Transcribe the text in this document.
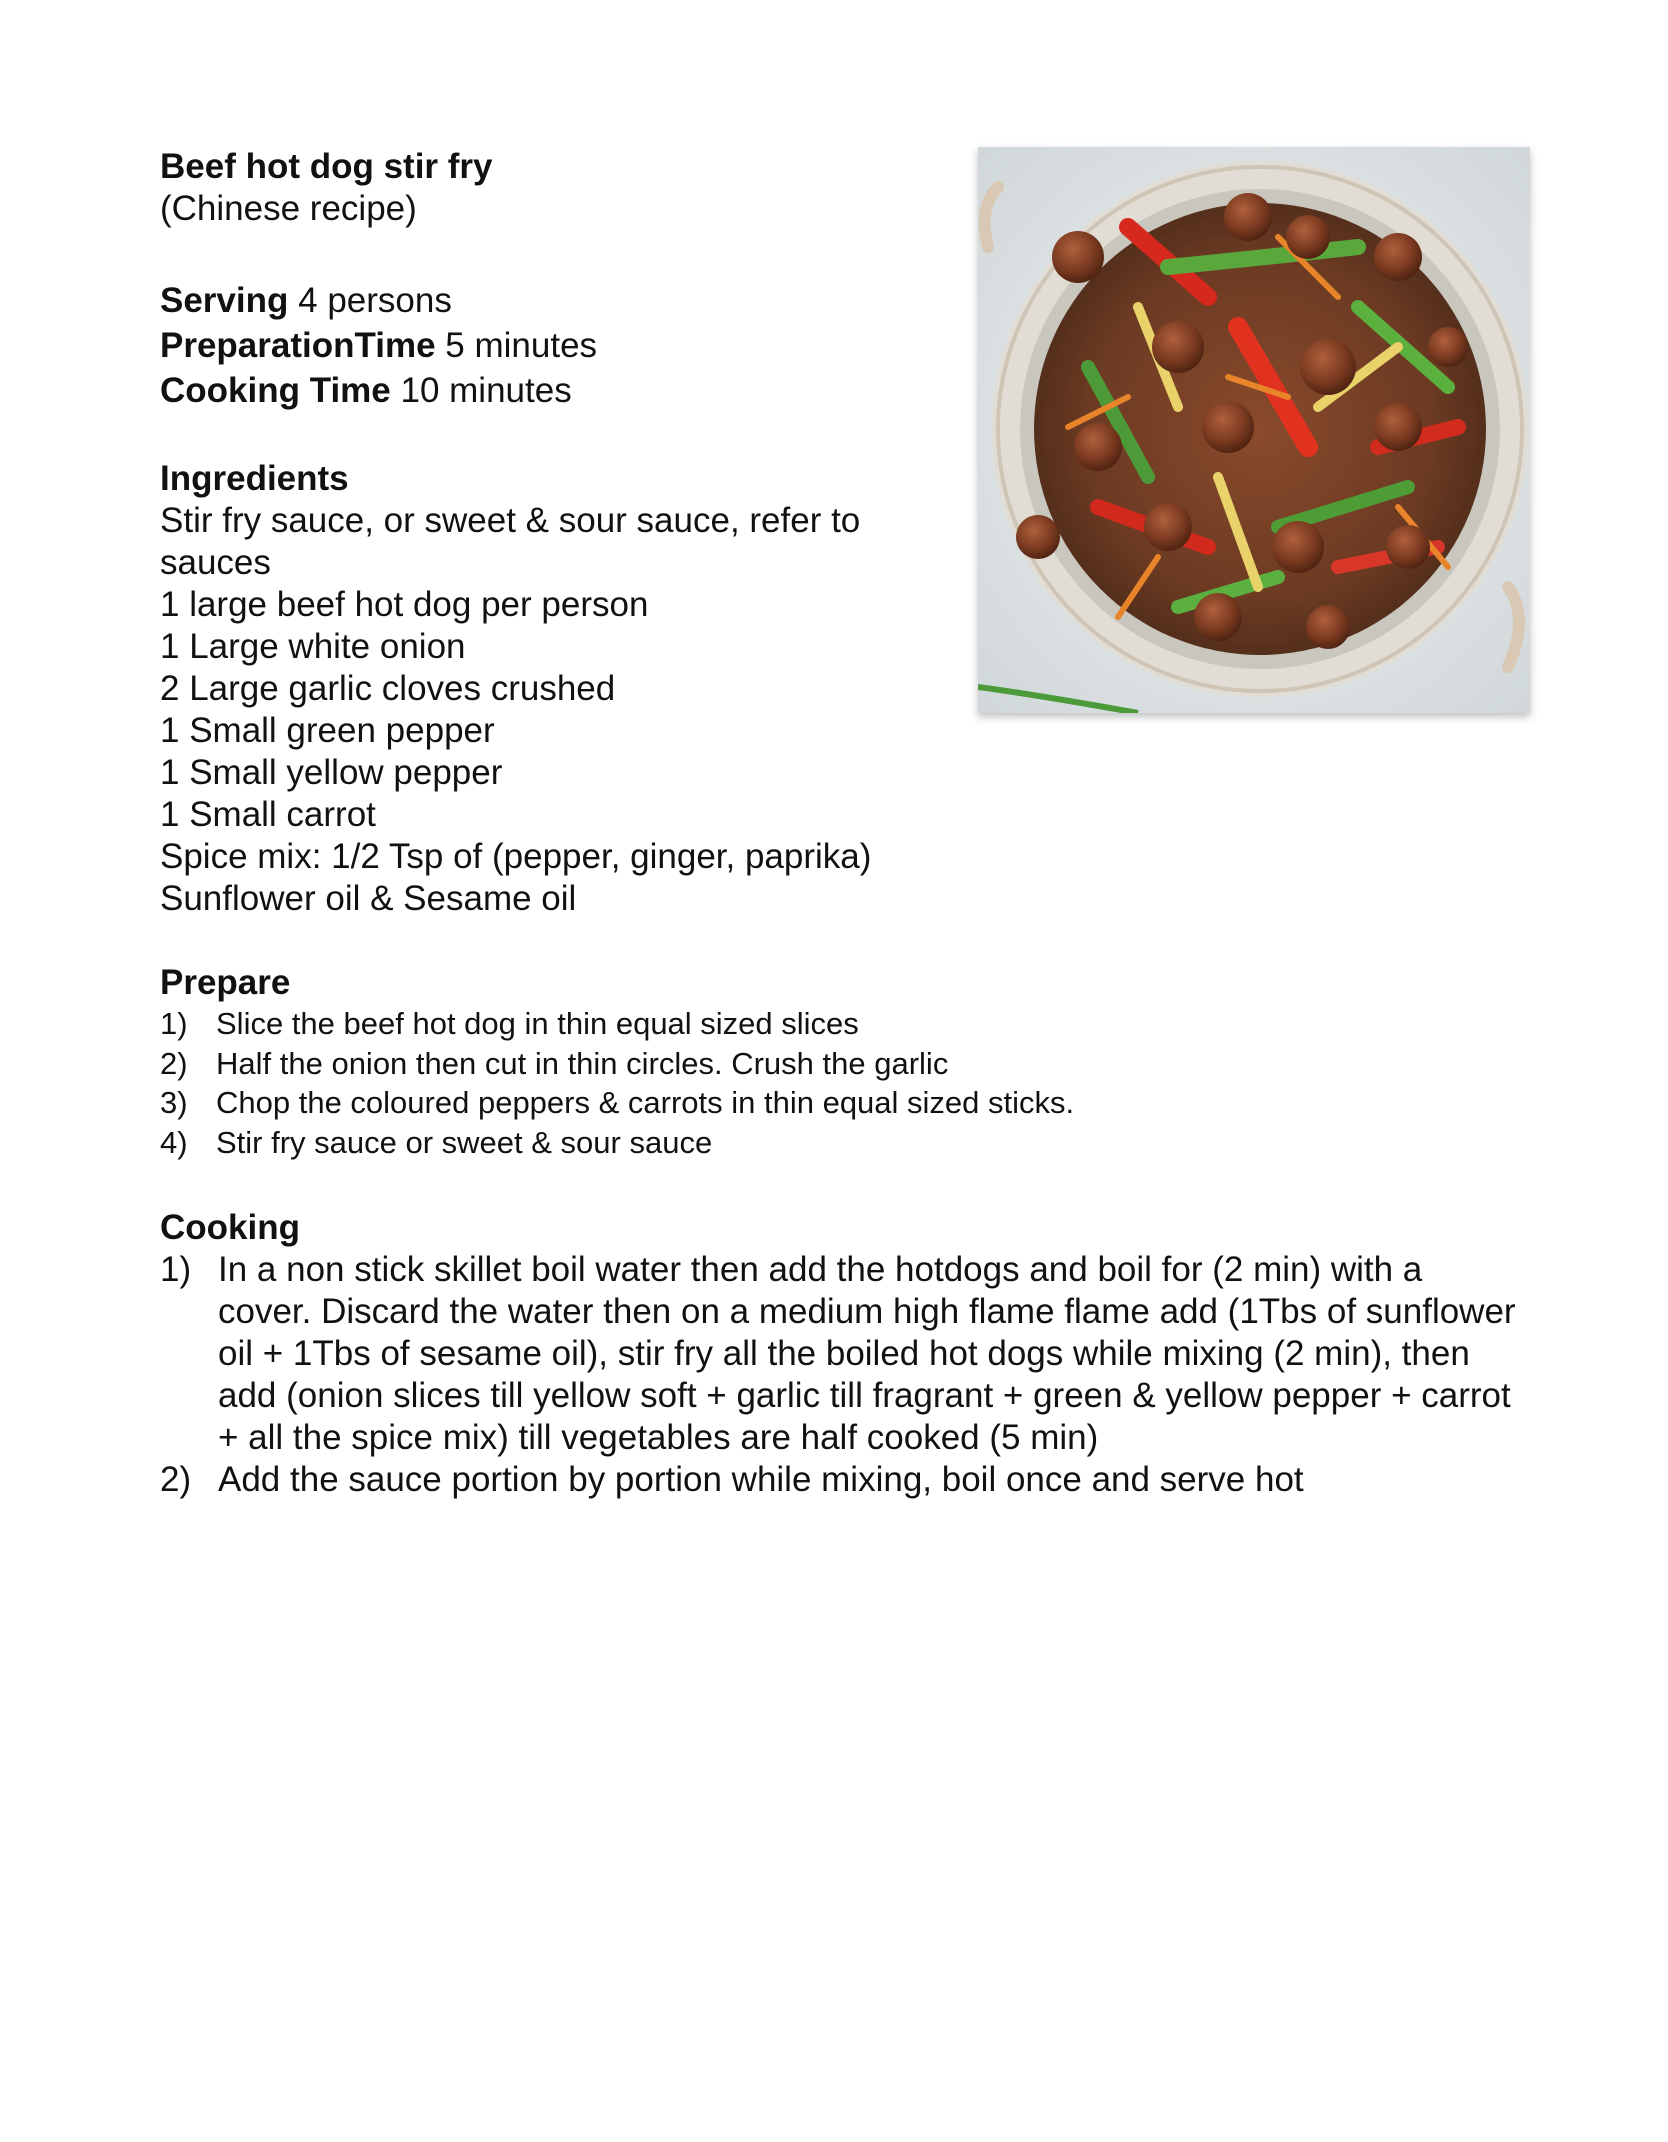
Beef hot dog stir fry

(Chinese recipe)

Serving 4 persons
PreparationTime 5 minutes
Cooking Time 10 minutes

Ingredients

Stir fry sauce, or sweet & sour sauce, refer to sauces
1 large beef hot dog per person
1 Large white onion
2 Large garlic cloves crushed
1 Small green pepper
1 Small yellow pepper
1 Small carrot
Spice mix: 1/2 Tsp of (pepper, ginger, paprika)
Sunflower oil & Sesame oil

Prepare

1) Slice the beef hot dog in thin equal sized slices
2) Half the onion then cut in thin circles. Crush the garlic
3) Chop the coloured peppers & carrots in thin equal sized sticks.
4) Stir fry sauce or sweet & sour sauce

Cooking

1) In a non stick skillet boil water then add the hotdogs and boil for (2 min) with a cover. Discard the water then on a medium high flame flame add (1Tbs of sunflower oil + 1Tbs of sesame oil), stir fry all the boiled hot dogs while mixing (2 min), then add (onion slices till yellow soft + garlic till fragrant + green & yellow pepper + carrot + all the spice mix) till vegetables are half cooked (5 min)
2) Add the sauce portion by portion while mixing, boil once and serve hot
